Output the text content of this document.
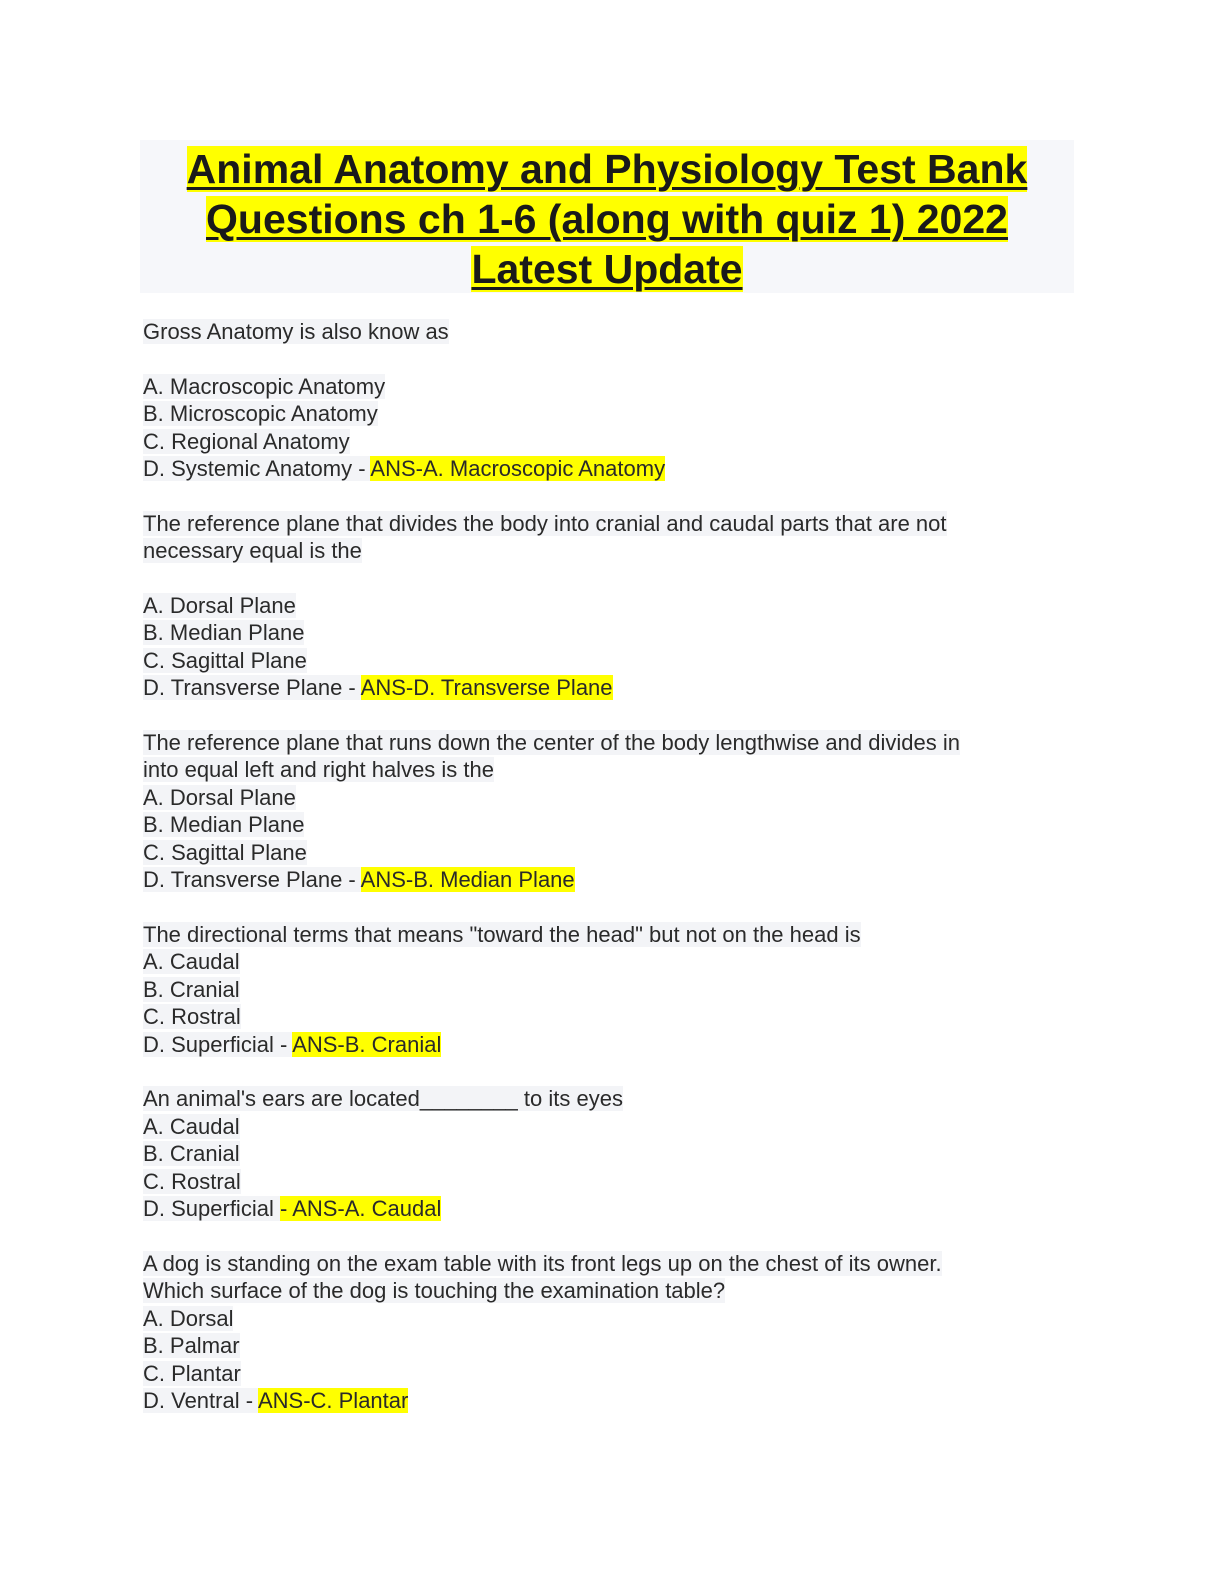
Animal Anatomy and Physiology Test Bank
Questions ch 1-6 (along with quiz 1) 2022
Latest Update
Gross Anatomy is also know as
A. Macroscopic Anatomy
B. Microscopic Anatomy
C. Regional Anatomy
D. Systemic Anatomy - ANS-A. Macroscopic Anatomy
The reference plane that divides the body into cranial and caudal parts that are not
necessary equal is the
A. Dorsal Plane
B. Median Plane
C. Sagittal Plane
D. Transverse Plane - ANS-D. Transverse Plane
The reference plane that runs down the center of the body lengthwise and divides in
into equal left and right halves is the
A. Dorsal Plane
B. Median Plane
C. Sagittal Plane
D. Transverse Plane - ANS-B. Median Plane
The directional terms that means "toward the head" but not on the head is
A. Caudal
B. Cranial
C. Rostral
D. Superficial - ANS-B. Cranial
An animal's ears are located________ to its eyes
A. Caudal
B. Cranial
C. Rostral
D. Superficial - ANS-A. Caudal
A dog is standing on the exam table with its front legs up on the chest of its owner.
Which surface of the dog is touching the examination table?
A. Dorsal
B. Palmar
C. Plantar
D. Ventral - ANS-C. Plantar
